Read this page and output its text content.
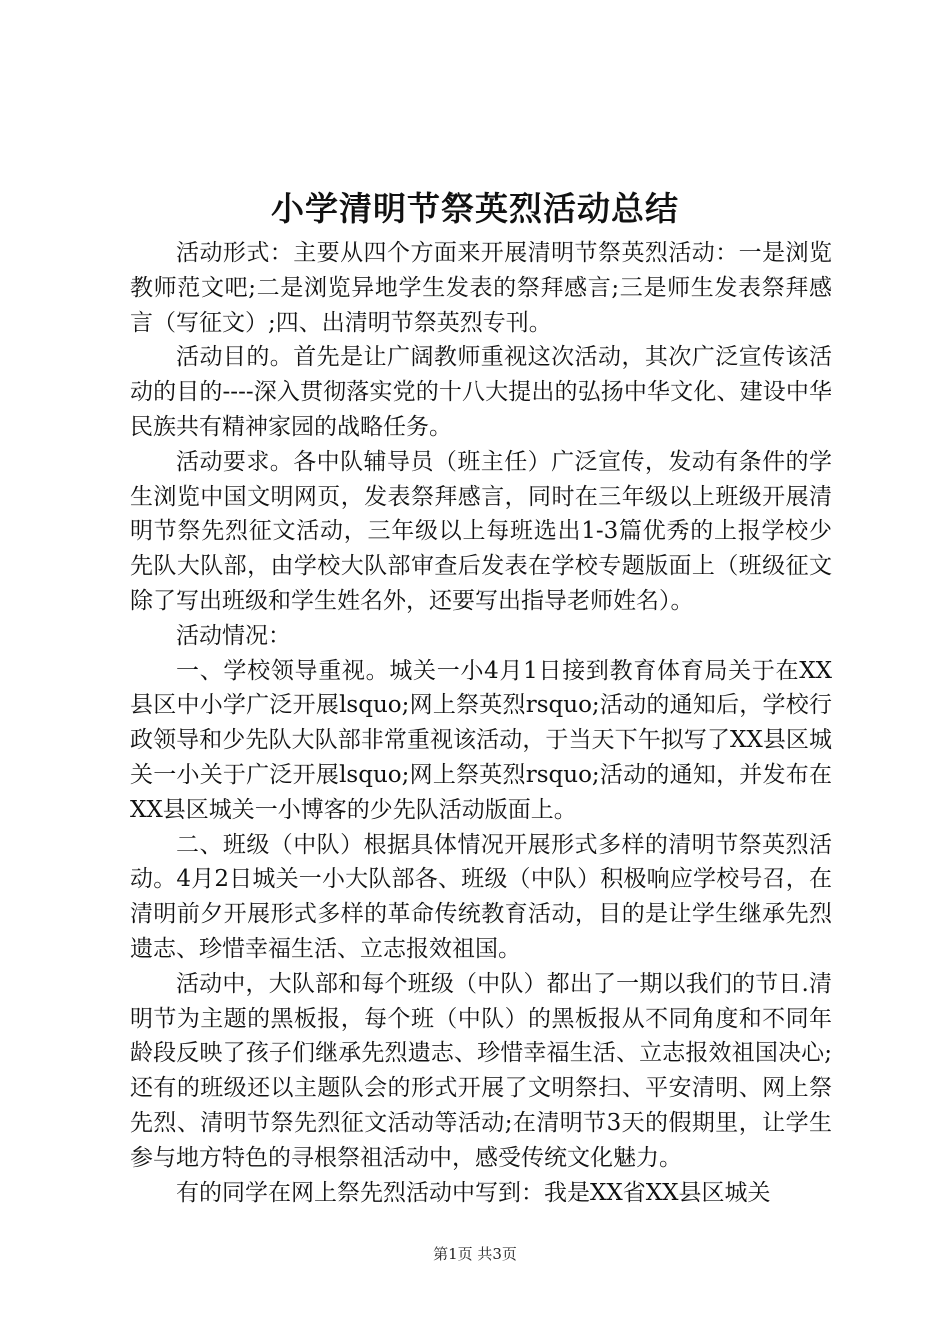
小学清明节祭英烈活动总结

活动形式：主要从四个方面来开展清明节祭英烈活动：一是浏览教师范文吧;二是浏览异地学生发表的祭拜感言;三是师生发表祭拜感言（写征文）;四、出清明节祭英烈专刊。

活动目的。首先是让广阔教师重视这次活动，其次广泛宣传该活动的目的----深入贯彻落实党的十八大提出的弘扬中华文化、建设中华民族共有精神家园的战略任务。

活动要求。各中队辅导员（班主任）广泛宣传，发动有条件的学生浏览中国文明网页，发表祭拜感言，同时在三年级以上班级开展清明节祭先烈征文活动，三年级以上每班选出1-3篇优秀的上报学校少先队大队部，由学校大队部审查后发表在学校专题版面上（班级征文除了写出班级和学生姓名外，还要写出指导老师姓名）。

活动情况：

一、学校领导重视。城关一小4月1日接到教育体育局关于在XX县区中小学广泛开展lsquo;网上祭英烈rsquo;活动的通知后，学校行政领导和少先队大队部非常重视该活动，于当天下午拟写了XX县区城关一小关于广泛开展lsquo;网上祭英烈rsquo;活动的通知，并发布在XX县区城关一小博客的少先队活动版面上。

二、班级（中队）根据具体情况开展形式多样的清明节祭英烈活动。4月2日城关一小大队部各、班级（中队）积极响应学校号召，在清明前夕开展形式多样的革命传统教育活动，目的是让学生继承先烈遗志、珍惜幸福生活、立志报效祖国。

活动中，大队部和每个班级（中队）都出了一期以我们的节日.清明节为主题的黑板报，每个班（中队）的黑板报从不同角度和不同年龄段反映了孩子们继承先烈遗志、珍惜幸福生活、立志报效祖国决心;还有的班级还以主题队会的形式开展了文明祭扫、平安清明、网上祭先烈、清明节祭先烈征文活动等活动;在清明节3天的假期里，让学生参与地方特色的寻根祭祖活动中，感受传统文化魅力。

有的同学在网上祭先烈活动中写到：我是XX省XX县区城关

第1页 共3页
